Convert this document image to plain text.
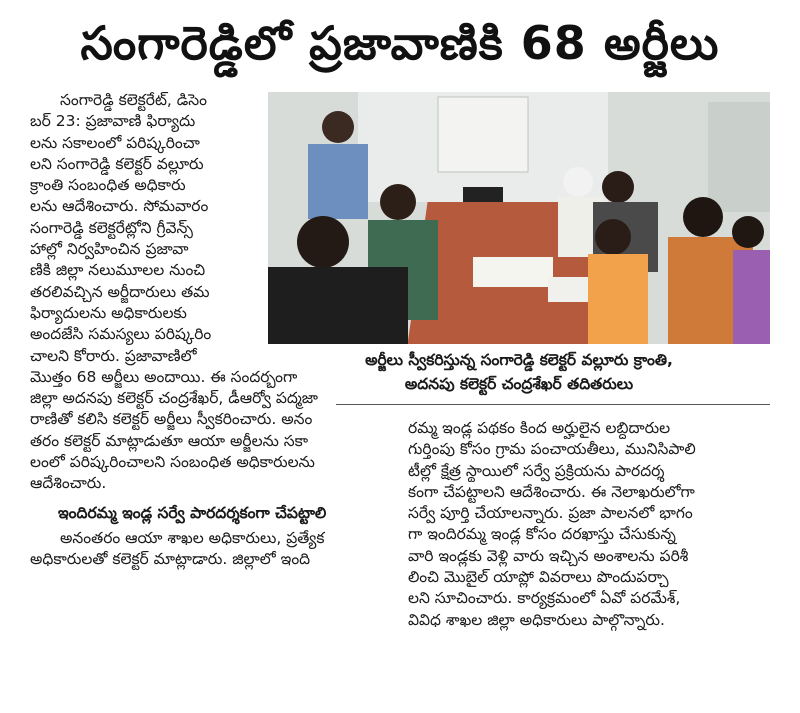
సంగారెడ్డిలో ప్రజావాణికి 68 అర్జీలు

సంగారెడ్డి కలెక్టరేట్, డిసెం

బర్ 23: ప్రజావాణి ఫిర్యాదు

లను సకాలంలో పరిష్కరించా

లని సంగారెడ్డి కలెక్టర్ వల్లూరు

క్రాంతి సంబంధిత అధికారు

లను ఆదేశించారు. సోమవారం

సంగారెడ్డి కలెక్టరేట్లోని గ్రీవెన్స్

హాల్లో నిర్వహించిన ప్రజావా

ణికి జిల్లా నలుమూలల నుంచి

తరలివచ్చిన అర్జీదారులు తమ

ఫిర్యాదులను అధికారులకు

అందజేసి సమస్యలు పరిష్కరిం

చాలని కోరారు. ప్రజావాణిలో

మొత్తం 68 అర్జీలు అందాయి. ఈ సందర్భంగా

జిల్లా అదనపు కలెక్టర్ చంద్రశేఖర్, డీఆర్వో పద్మజా

రాణితో కలిసి కలెక్టర్ అర్జీలు స్వీకరించారు. అనం

తరం కలెక్టర్ మాట్లాడుతూ ఆయా అర్జీలను సకా

లంలో పరిష్కరించాలని సంబంధిత అధికారులను

ఆదేశించారు.

ఇందిరమ్మ ఇండ్ల సర్వే పారదర్శకంగా చేపట్టాలి

అనంతరం ఆయా శాఖల అధికారులు, ప్రత్యేక

అధికారులతో కలెక్టర్ మాట్లాడారు. జిల్లాలో ఇంది

అర్జీలు స్వీకరిస్తున్న సంగారెడ్డి కలెక్టర్ వల్లూరు క్రాంతి,
అదనపు కలెక్టర్ చంద్రశేఖర్ తదితరులు

రమ్మ ఇండ్ల పథకం కింద అర్హులైన లబ్ధిదారుల

గుర్తింపు కోసం గ్రామ పంచాయతీలు, మునిసిపాలి

టీల్లో క్షేత్ర స్థాయిలో సర్వే ప్రక్రియను పారదర్శ

కంగా చేపట్టాలని ఆదేశించారు. ఈ నెలాఖరులోగా

సర్వే పూర్తి చేయాలన్నారు. ప్రజా పాలనలో భాగం

గా ఇందిరమ్మ ఇండ్ల కోసం దరఖాస్తు చేసుకున్న

వారి ఇండ్లకు వెళ్లి వారు ఇచ్చిన అంశాలను పరిశీ

లించి మొబైల్ యాప్లో వివరాలు పొందుపర్చా

లని సూచించారు. కార్యక్రమంలో ఏవో పరమేశ్,

వివిధ శాఖల జిల్లా అధికారులు పాల్గొన్నారు.
